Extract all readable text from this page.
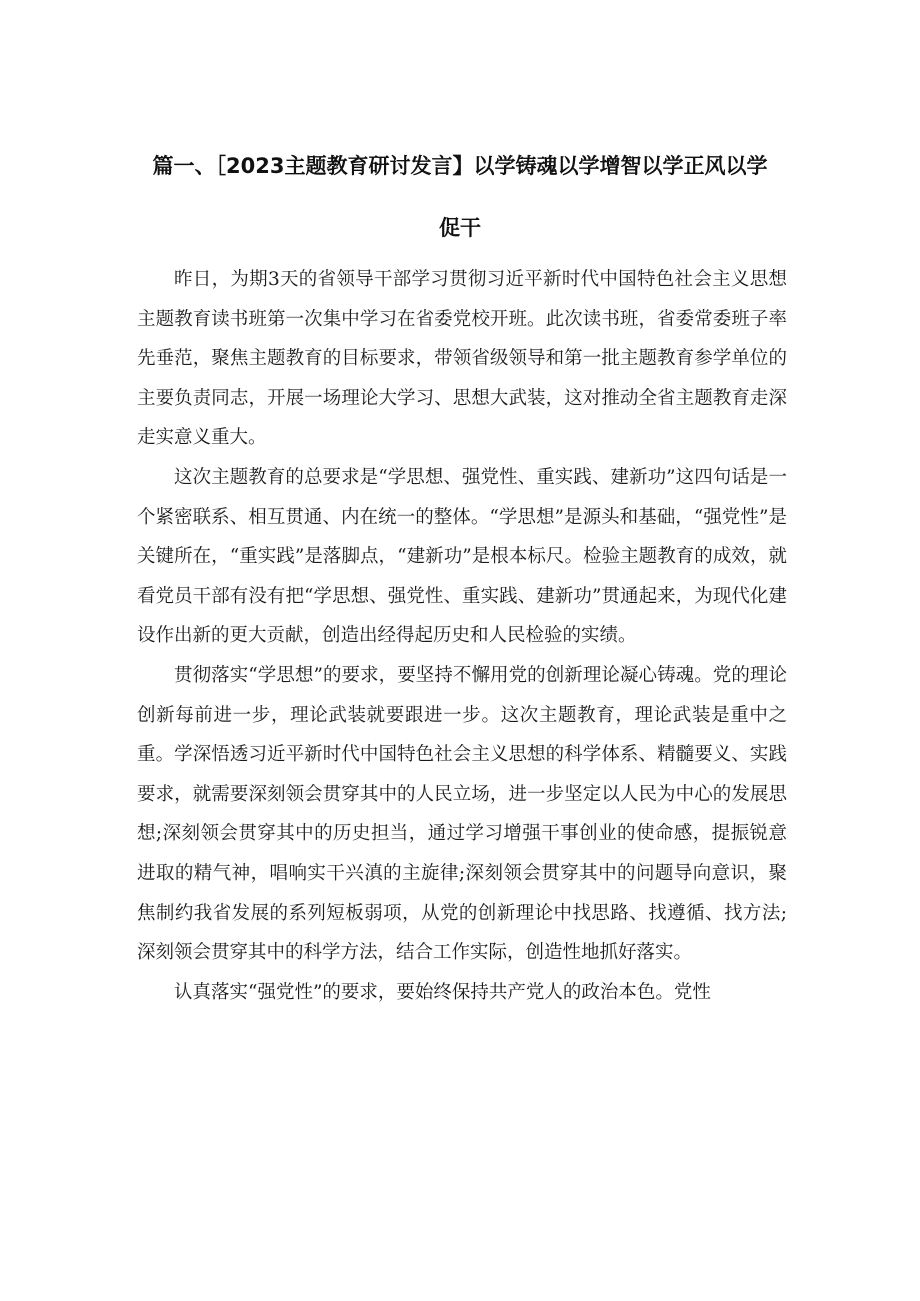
篇一、［2023主题教育研讨发言】以学铸魂以学增智以学正风以学
促干

昨日，为期3天的省领导干部学习贯彻习近平新时代中国特色社会主义思想主题教育读书班第一次集中学习在省委党校开班。此次读书班，省委常委班子率先垂范，聚焦主题教育的目标要求，带领省级领导和第一批主题教育参学单位的主要负责同志，开展一场理论大学习、思想大武装，这对推动全省主题教育走深走实意义重大。

这次主题教育的总要求是“学思想、强党性、重实践、建新功”这四句话是一个紧密联系、相互贯通、内在统一的整体。“学思想”是源头和基础，“强党性”是关键所在，“重实践”是落脚点，“建新功”是根本标尺。检验主题教育的成效，就看党员干部有没有把“学思想、强党性、重实践、建新功”贯通起来，为现代化建设作出新的更大贡献，创造出经得起历史和人民检验的实绩。

贯彻落实“学思想”的要求，要坚持不懈用党的创新理论凝心铸魂。党的理论创新每前进一步，理论武装就要跟进一步。这次主题教育，理论武装是重中之重。学深悟透习近平新时代中国特色社会主义思想的科学体系、精髓要义、实践要求，就需要深刻领会贯穿其中的人民立场，进一步坚定以人民为中心的发展思想;深刻领会贯穿其中的历史担当，通过学习增强干事创业的使命感，提振锐意进取的精气神，唱响实干兴滇的主旋律;深刻领会贯穿其中的问题导向意识，聚焦制约我省发展的系列短板弱项，从党的创新理论中找思路、找遵循、找方法;深刻领会贯穿其中的科学方法，结合工作实际，创造性地抓好落实。

认真落实“强党性”的要求，要始终保持共产党人的政治本色。党性
